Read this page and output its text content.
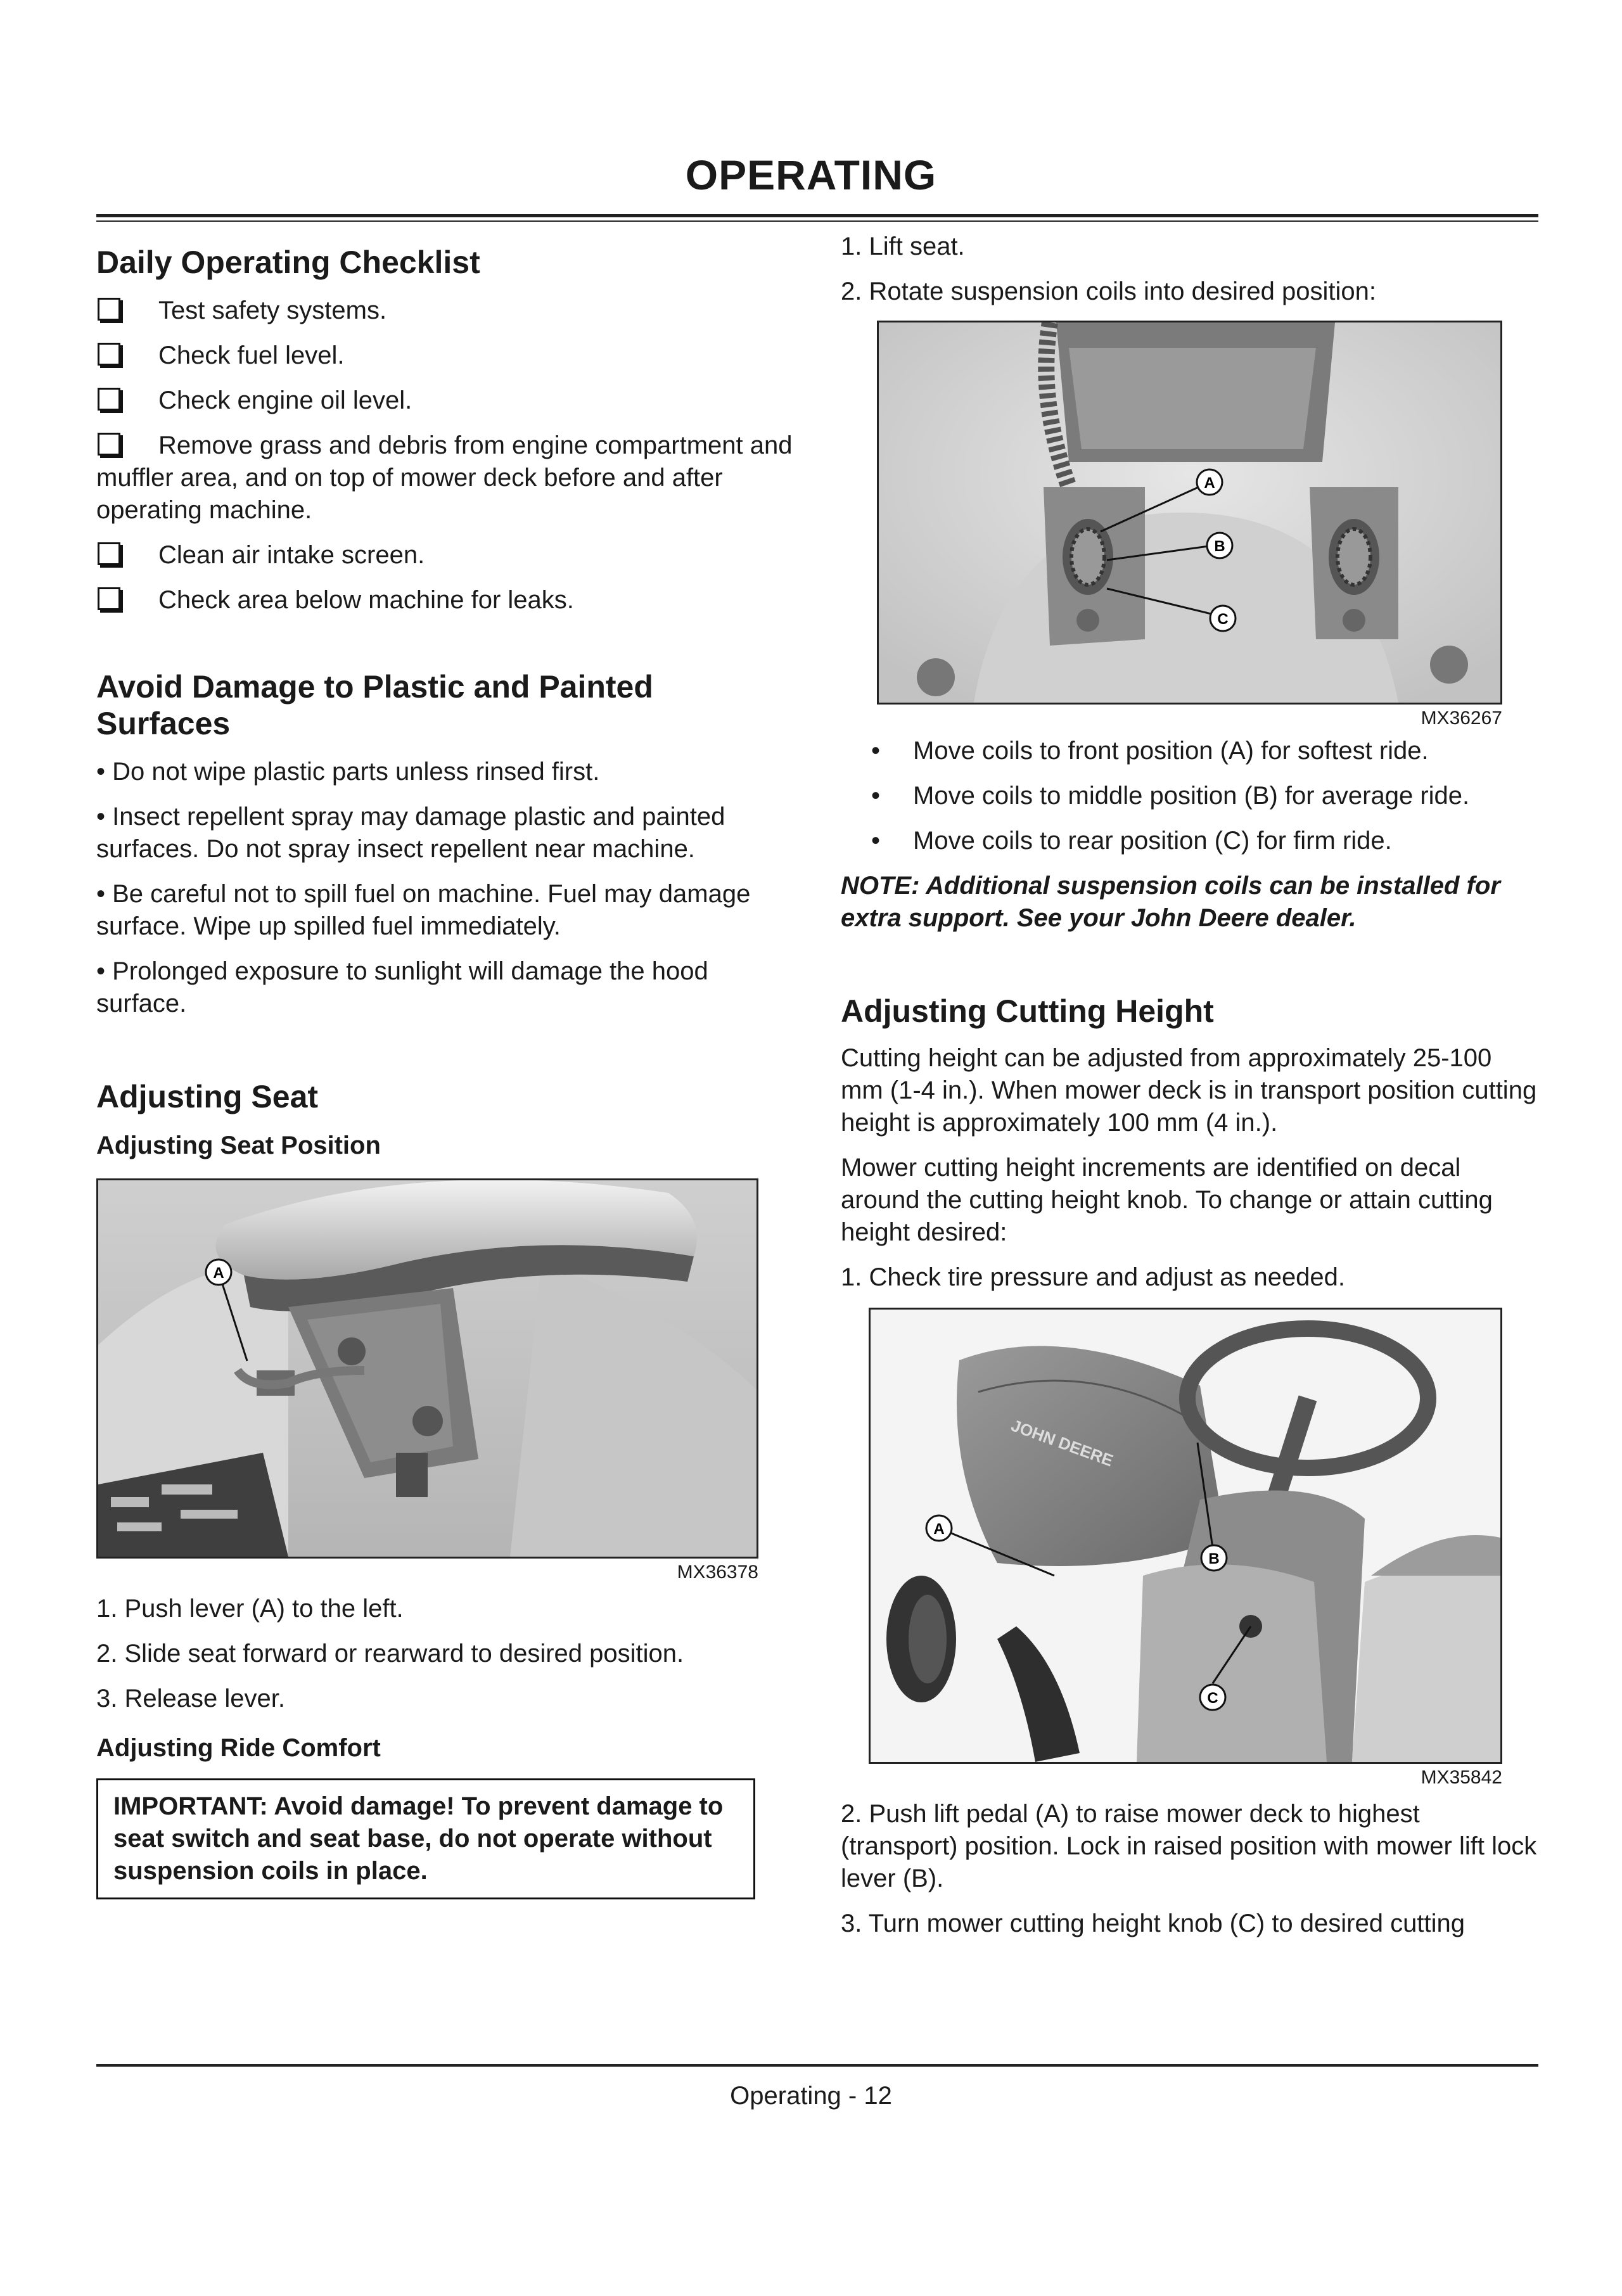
OPERATING
Daily Operating Checklist
Test safety systems.
Check fuel level.
Check engine oil level.
Remove grass and debris from engine compartment and muffler area, and on top of mower deck before and after operating machine.
Clean air intake screen.
Check area below machine for leaks.
Avoid Damage to Plastic and Painted Surfaces

• Do not wipe plastic parts unless rinsed first.

• Insect repellent spray may damage plastic and painted surfaces. Do not spray insect repellent near machine.

• Be careful not to spill fuel on machine. Fuel may damage surface. Wipe up spilled fuel immediately.

• Prolonged exposure to sunlight will damage the hood surface.

Adjusting Seat
Adjusting Seat Position
A
MX36378

1. Push lever (A) to the left.

2. Slide seat forward or rearward to desired position.

3. Release lever.

Adjusting Ride Comfort
IMPORTANT: Avoid damage! To prevent damage to seat switch and seat base, do not operate without suspension coils in place.

1. Lift seat.

2. Rotate suspension coils into desired position:

A
B
C
MX36267

• Move coils to front position (A) for softest ride.

• Move coils to middle position (B) for average ride.

• Move coils to rear position (C) for firm ride.

NOTE: Additional suspension coils can be installed for extra support. See your John Deere dealer.

Adjusting Cutting Height

Cutting height can be adjusted from approximately 25-100 mm (1-4 in.). When mower deck is in transport position cutting height is approximately 100 mm (4 in.).

Mower cutting height increments are identified on decal around the cutting height knob. To change or attain cutting height desired:

1. Check tire pressure and adjust as needed.

JOHN DEERE
A
B
C
MX35842

2. Push lift pedal (A) to raise mower deck to highest (transport) position. Lock in raised position with mower lift lock lever (B).

3. Turn mower cutting height knob (C) to desired cutting

Operating - 12
